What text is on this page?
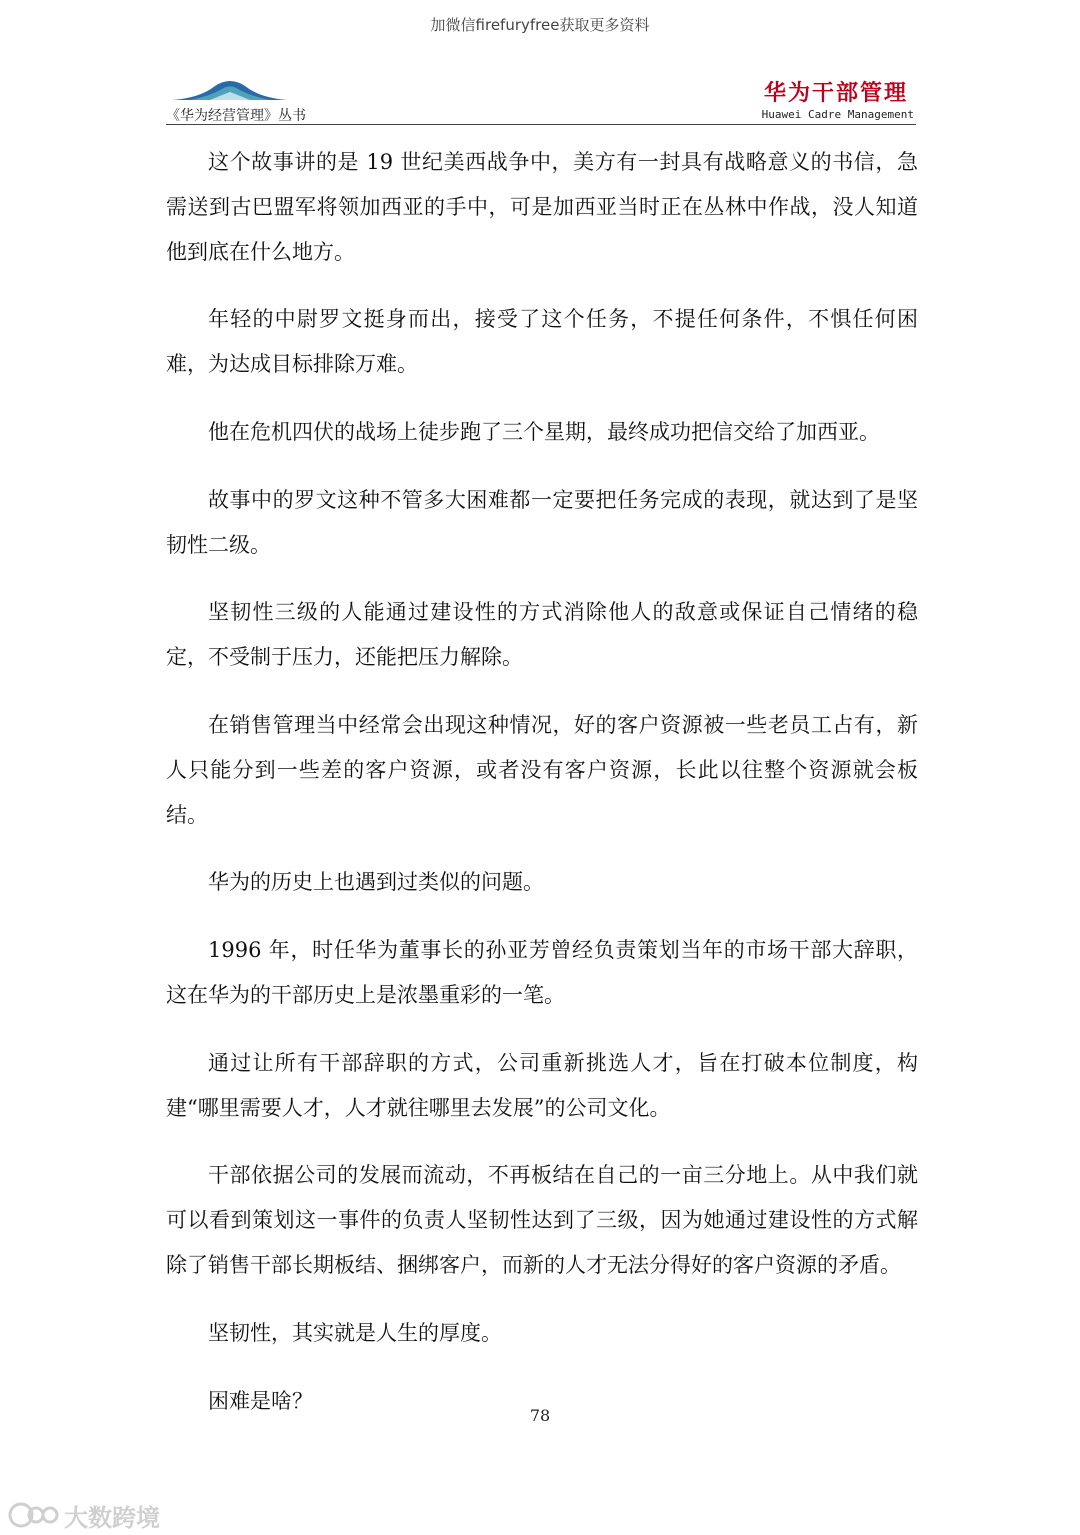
加微信firefuryfree获取更多资料
《华为经营管理》丛书
华为干部管理
Huawei Cadre Management

这个故事讲的是 19 世纪美西战争中，美方有一封具有战略意义的书信，急需送到古巴盟军将领加西亚的手中，可是加西亚当时正在丛林中作战，没人知道他到底在什么地方。

年轻的中尉罗文挺身而出，接受了这个任务，不提任何条件，不惧任何困难，为达成目标排除万难。

他在危机四伏的战场上徒步跑了三个星期，最终成功把信交给了加西亚。

故事中的罗文这种不管多大困难都一定要把任务完成的表现，就达到了是坚韧性二级。

坚韧性三级的人能通过建设性的方式消除他人的敌意或保证自己情绪的稳定，不受制于压力，还能把压力解除。

在销售管理当中经常会出现这种情况，好的客户资源被一些老员工占有，新人只能分到一些差的客户资源，或者没有客户资源，长此以往整个资源就会板结。

华为的历史上也遇到过类似的问题。

1996 年，时任华为董事长的孙亚芳曾经负责策划当年的市场干部大辞职，这在华为的干部历史上是浓墨重彩的一笔。

通过让所有干部辞职的方式，公司重新挑选人才，旨在打破本位制度，构建“哪里需要人才，人才就往哪里去发展”的公司文化。

干部依据公司的发展而流动，不再板结在自己的一亩三分地上。从中我们就可以看到策划这一事件的负责人坚韧性达到了三级，因为她通过建设性的方式解除了销售干部长期板结、捆绑客户，而新的人才无法分得好的客户资源的矛盾。

坚韧性，其实就是人生的厚度。

困难是啥？

78
大数跨境
